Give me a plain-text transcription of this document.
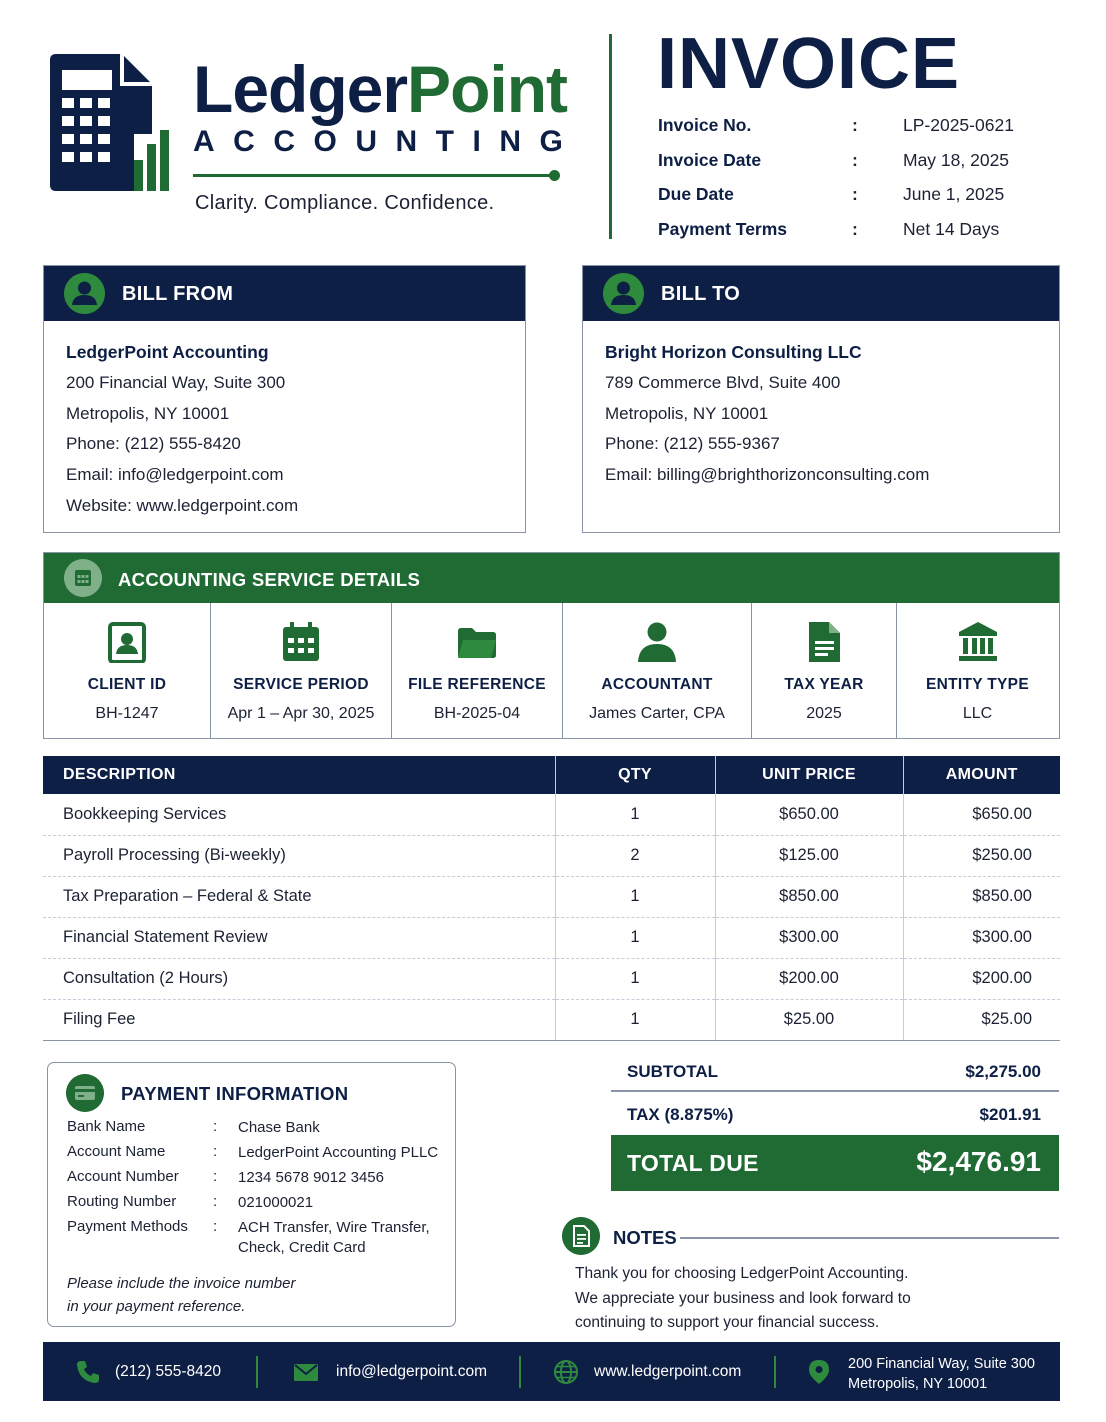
LedgerPoint
ACCOUNTING
Clarity. Compliance. Confidence.
INVOICE
Invoice No.	:	LP-2025-0621
Invoice Date	:	May 18, 2025
Due Date	:	June 1, 2025
Payment Terms	:	Net 14 Days
BILL FROM
LedgerPoint Accounting
200 Financial Way, Suite 300
Metropolis, NY 10001
Phone: (212) 555-8420
Email: info@ledgerpoint.com
Website: www.ledgerpoint.com
BILL TO
Bright Horizon Consulting LLC
789 Commerce Blvd, Suite 400
Metropolis, NY 10001
Phone: (212) 555-9367
Email: billing@brighthorizonconsulting.com
ACCOUNTING SERVICE DETAILS
CLIENT ID
BH-1247
SERVICE PERIOD
Apr 1 – Apr 30, 2025
FILE REFERENCE
BH-2025-04
ACCOUNTANT
James Carter, CPA
TAX YEAR
2025
ENTITY TYPE
LLC
DESCRIPTION	QTY	UNIT PRICE	AMOUNT
Bookkeeping Services	1	$650.00	$650.00
Payroll Processing (Bi-weekly)	2	$125.00	$250.00
Tax Preparation – Federal & State	1	$850.00	$850.00
Financial Statement Review	1	$300.00	$300.00
Consultation (2 Hours)	1	$200.00	$200.00
Filing Fee	1	$25.00	$25.00
PAYMENT INFORMATION
Bank Name	: Chase Bank
Account Name	: LedgerPoint Accounting PLLC
Account Number : 1234 5678 9012 3456
Routing Number : 021000021
Payment Methods : ACH Transfer, Wire Transfer,
Check, Credit Card
Please include the invoice number
in your payment reference.
SUBTOTAL	$2,275.00
TAX (8.875%)	$201.91
TOTAL DUE	$2,476.91
NOTES
Thank you for choosing LedgerPoint Accounting.
We appreciate your business and look forward to
continuing to support your financial success.
(212) 555-8420	info@ledgerpoint.com	www.ledgerpoint.com	200 Financial Way, Suite 300
Metropolis, NY 10001
